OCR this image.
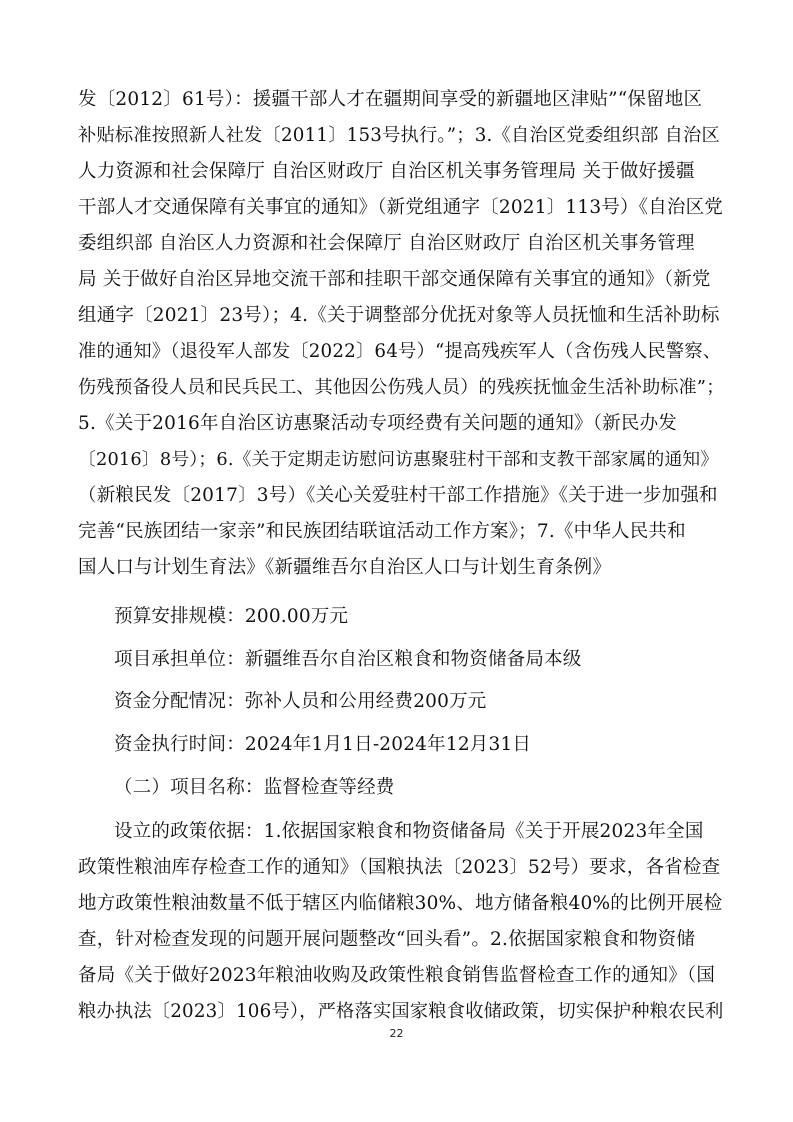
发〔2012〕61号）：援疆干部人才在疆期间享受的新疆地区津贴”“保留地区
补贴标准按照新人社发〔2011〕153号执行。”；3.《自治区党委组织部 自治区
人力资源和社会保障厅 自治区财政厅 自治区机关事务管理局 关于做好援疆
干部人才交通保障有关事宜的通知》（新党组通字〔2021〕113号）《自治区党
委组织部 自治区人力资源和社会保障厅 自治区财政厅 自治区机关事务管理
局 关于做好自治区异地交流干部和挂职干部交通保障有关事宜的通知》（新党
组通字〔2021〕23号）；4.《关于调整部分优抚对象等人员抚恤和生活补助标
准的通知》（退役军人部发〔2022〕64号）“提高残疾军人（含伤残人民警察、
伤残预备役人员和民兵民工、其他因公伤残人员）的残疾抚恤金生活补助标准”；
5.《关于2016年自治区访惠聚活动专项经费有关问题的通知》（新民办发
〔2016〕8号）；6.《关于定期走访慰问访惠聚驻村干部和支教干部家属的通知》
（新粮民发〔2017〕3号）《关心关爱驻村干部工作措施》《关于进一步加强和
完善“民族团结一家亲”和民族团结联谊活动工作方案》；7.《中华人民共和
国人口与计划生育法》《新疆维吾尔自治区人口与计划生育条例》
预算安排规模：200.00万元
项目承担单位：新疆维吾尔自治区粮食和物资储备局本级
资金分配情况：弥补人员和公用经费200万元
资金执行时间：2024年1月1日-2024年12月31日
（二）项目名称：监督检查等经费
设立的政策依据：1.依据国家粮食和物资储备局《关于开展2023年全国
政策性粮油库存检查工作的通知》（国粮执法〔2023〕52号）要求，各省检查
地方政策性粮油数量不低于辖区内临储粮30%、地方储备粮40%的比例开展检
查，针对检查发现的问题开展问题整改“回头看”。2.依据国家粮食和物资储
备局《关于做好2023年粮油收购及政策性粮食销售监督检查工作的通知》（国
粮办执法〔2023〕106号），严格落实国家粮食收储政策，切实保护种粮农民利
22
